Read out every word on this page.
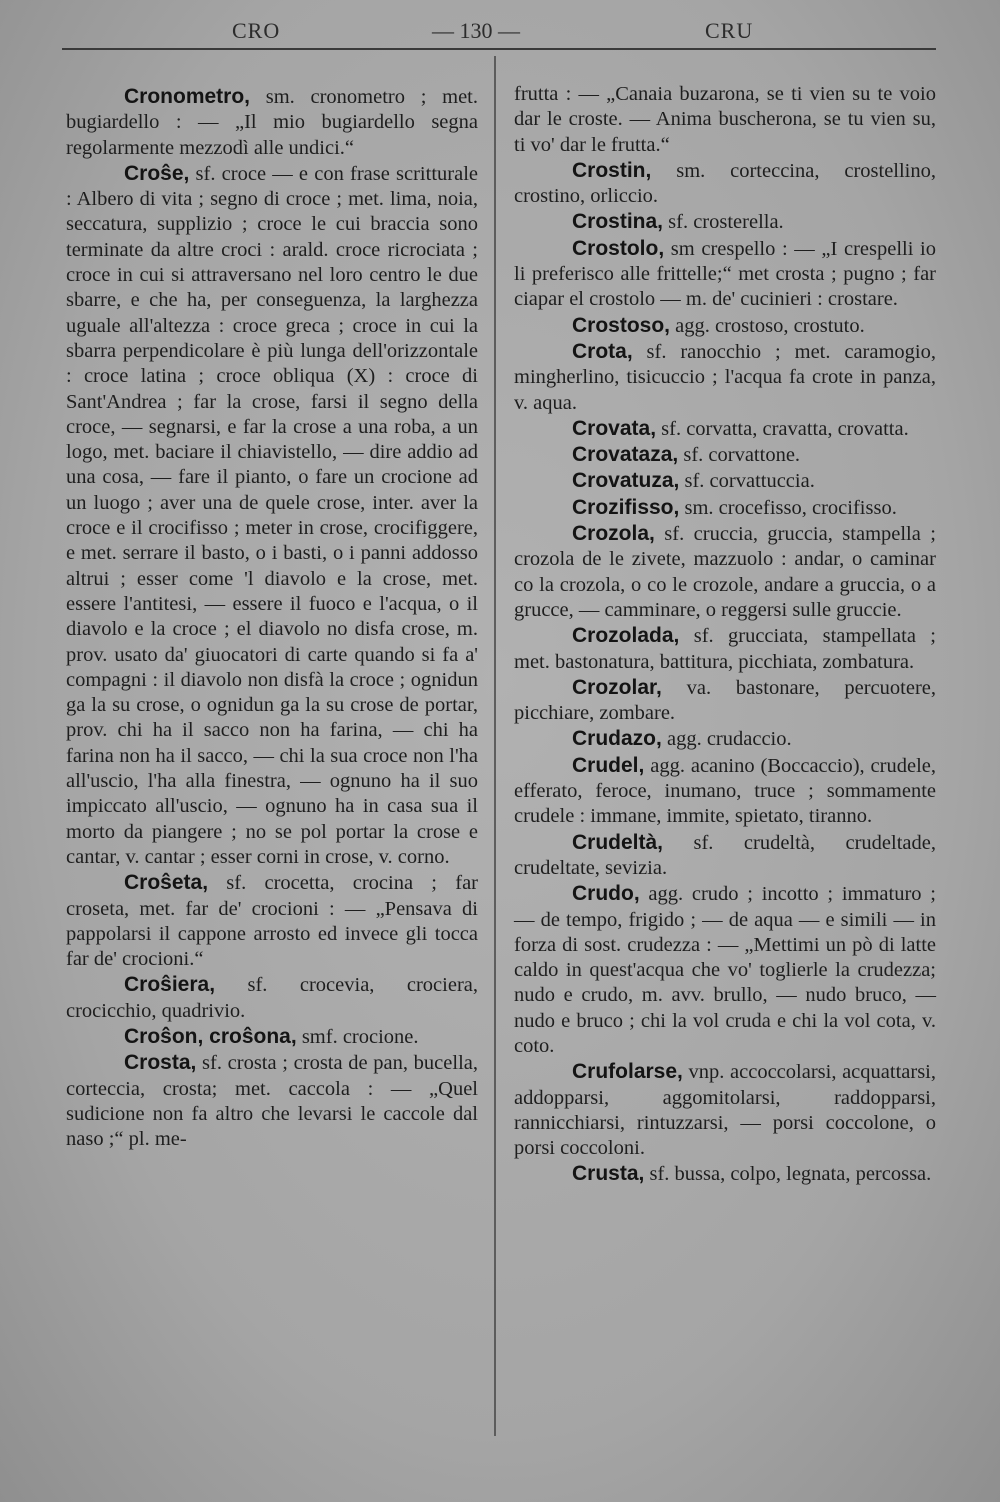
CRO	— 130 —	CRU

Cronometro, sm. cronometro ; met. bugiardello : — „Il mio bugiardello segna regolarmente mezzodì alle undici.“

Croŝe, sf. croce — e con frase scritturale : Albero di vita ; segno di croce ; met. lima, noia, seccatura, supplizio ; croce le cui braccia sono terminate da altre croci : arald. croce ricrociata ; croce in cui si attraversano nel loro centro le due sbarre, e che ha, per conseguenza, la larghezza uguale all'altezza : croce greca ; croce in cui la sbarra perpendicolare è più lunga dell'orizzontale : croce latina ; croce obliqua (X) : croce di Sant'Andrea ; far la crose, farsi il segno della croce, — segnarsi, e far la crose a una roba, a un logo, met. baciare il chiavistello, — dire addio ad una cosa, — fare il pianto, o fare un crocione ad un luogo ; aver una de quele crose, inter. aver la croce e il crocifisso ; meter in crose, crocifiggere, e met. serrare il basto, o i basti, o i panni addosso altrui ; esser come 'l diavolo e la crose, met. essere l'antitesi, — essere il fuoco e l'acqua, o il diavolo e la croce ; el diavolo no disfa crose, m. prov. usato da' giuocatori di carte quando si fa a' compagni : il diavolo non disfà la croce ; ognidun ga la su crose, o ognidun ga la su crose de portar, prov. chi ha il sacco non ha farina, — chi ha farina non ha il sacco, — chi la sua croce non l'ha all'uscio, l'ha alla finestra, — ognuno ha il suo impiccato all'uscio, — ognuno ha in casa sua il morto da piangere ; no se pol portar la crose e cantar, v. cantar ; esser corni in crose, v. corno.

Croŝeta, sf. crocetta, crocina ; far croseta, met. far de' crocioni : — „Pensava di pappolarsi il cappone arrosto ed invece gli tocca far de' crocioni.“

Croŝiera, sf. crocevia, crociera, crocicchio, quadrivio.

Croŝon, croŝona, smf. crocione.

Crosta, sf. crosta ; crosta de pan, bucella, corteccia, crosta; met. caccola : — „Quel sudicione non fa altro che levarsi le caccole dal naso ;“ pl. me-

frutta : — „Canaia buzarona, se ti vien su te voio dar le croste. — Anima buscherona, se tu vien su, ti vo' dar le frutta.“

Crostin, sm. corteccina, crostellino, crostino, orliccio.

Crostina, sf. crosterella.

Crostolo, sm crespello : — „I crespelli io li preferisco alle frittelle;“ met crosta ; pugno ; far ciapar el crostolo — m. de' cucinieri : crostare.

Crostoso, agg. crostoso, crostuto.

Crota, sf. ranocchio ; met. caramogio, mingherlino, tisicuccio ; l'acqua fa crote in panza, v. aqua.

Crovata, sf. corvatta, cravatta, crovatta.

Crovataza, sf. corvattone.

Crovatuza, sf. corvattuccia.

Crozifisso, sm. crocefisso, crocifisso.

Crozola, sf. cruccia, gruccia, stampella ; crozola de le zivete, mazzuolo : andar, o caminar co la crozola, o co le crozole, andare a gruccia, o a grucce, — camminare, o reggersi sulle gruccie.

Crozolada, sf. grucciata, stampellata ; met. bastonatura, battitura, picchiata, zombatura.

Crozolar, va. bastonare, percuotere, picchiare, zombare.

Crudazo, agg. crudaccio.

Crudel, agg. acanino (Boccaccio), crudele, efferato, feroce, inumano, truce ; sommamente crudele : immane, immite, spietato, tiranno.

Crudeltà, sf. crudeltà, crudeltade, crudeltate, sevizia.

Crudo, agg. crudo ; incotto ; immaturo ; — de tempo, frigido ; — de aqua — e simili — in forza di sost. crudezza : — „Mettimi un pò di latte caldo in quest'acqua che vo' toglierle la crudezza; nudo e crudo, m. avv. brullo, — nudo bruco, — nudo e bruco ; chi la vol cruda e chi la vol cota, v. coto.

Crufolarse, vnp. accoccolarsi, acquattarsi, addopparsi, aggomitolarsi, raddopparsi, rannicchiarsi, rintuzzarsi, — porsi coccolone, o porsi coccoloni.

Crusta, sf. bussa, colpo, legnata, percossa.
